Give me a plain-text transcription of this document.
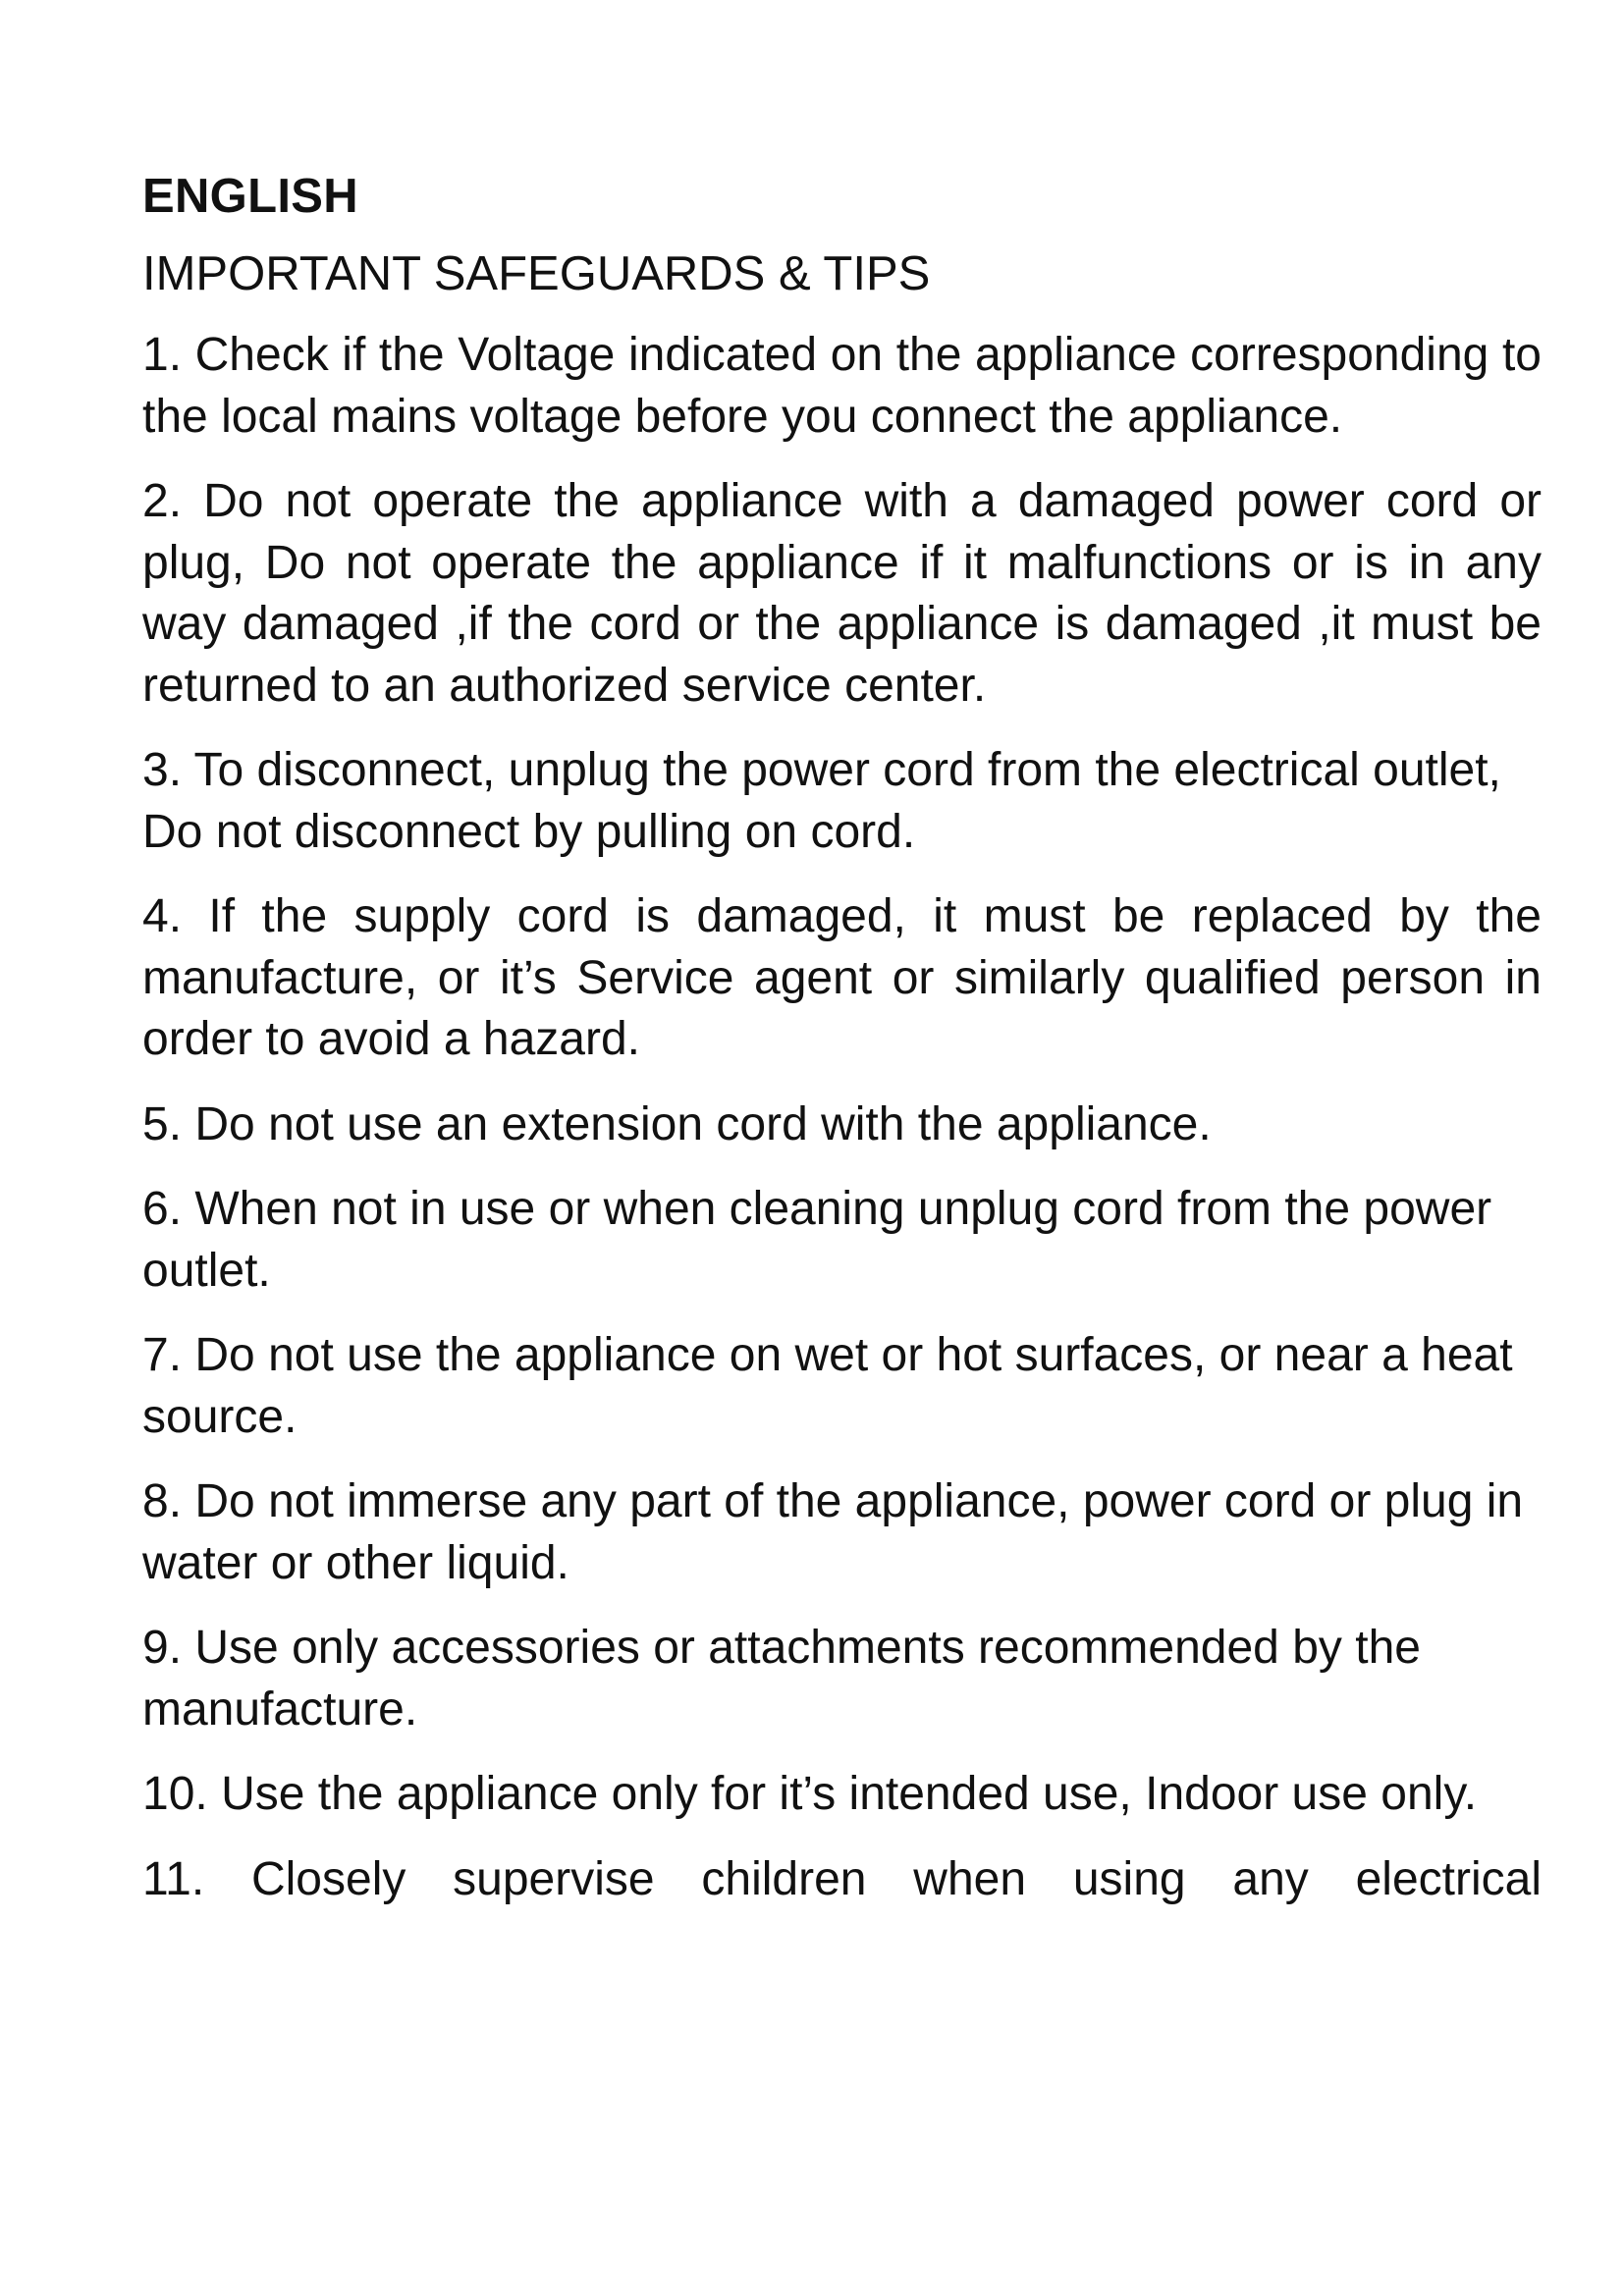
ENGLISH
IMPORTANT SAFEGUARDS & TIPS
1. Check if the Voltage indicated on the appliance corresponding to the local mains voltage before you connect the appliance.
2. Do not operate the appliance with a damaged power cord or plug, Do not operate the appliance if it malfunctions or is in any way damaged ,if the cord or the appliance is damaged ,it must be returned to an authorized service center.
3. To disconnect, unplug the power cord from the electrical outlet, Do not disconnect by pulling on cord.
4. If the supply cord is damaged, it must be replaced by the manufacture, or it’s Service agent or similarly qualified person in order to avoid a hazard.
5. Do not use an extension cord with the appliance.
6. When not in use or when cleaning unplug cord from the power outlet.
7. Do not use the appliance on wet or hot surfaces, or near a heat source.
8. Do not immerse any part of the appliance, power cord or plug in water or other liquid.
9. Use only accessories or attachments recommended by the manufacture.
10. Use the appliance only for it’s intended use, Indoor use only.
11. Closely supervise children when using any electrical
